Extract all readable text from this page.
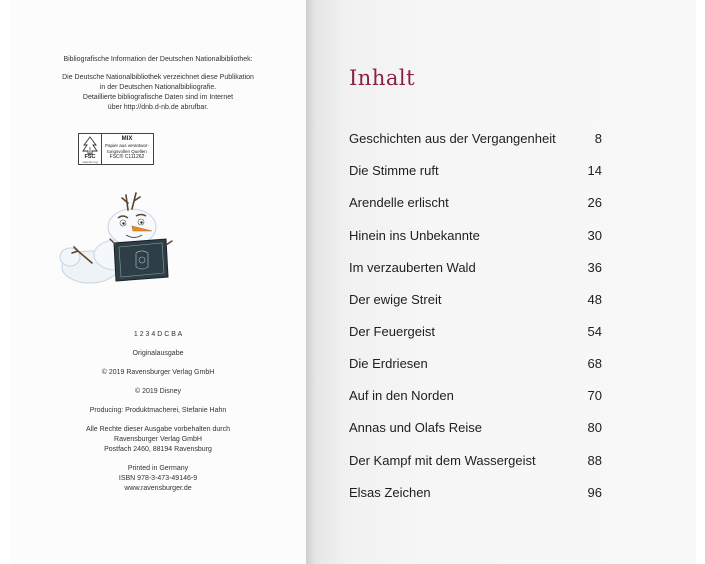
Bibliografische Information der Deutschen Nationalbibliothek:
Die Deutsche Nationalbibliothek verzeichnet diese Publikation
in der Deutschen Nationalbibliografie.
Detaillierte bibliografische Daten sind im Internet
über http://dnb.d-nb.de abrufbar.
FSC
www.fsc.org
MIX
Papier aus verantwor-
tungsvollen Quellen
FSC® C111262
1 2 3 4 D C B A
Originalausgabe
© 2019 Ravensburger Verlag GmbH
© 2019 Disney
Producing: Produktmacherei, Stefanie Hahn
Alle Rechte dieser Ausgabe vorbehalten durch
Ravensburger Verlag GmbH
Postfach 2460, 88194 Ravensburg
Printed in Germany
ISBN 978-3-473-49146-9
www.ravensburger.de
Inhalt
Geschichten aus der Vergangenheit	8
Die Stimme ruft	14
Arendelle erlischt	26
Hinein ins Unbekannte	30
Im verzauberten Wald	36
Der ewige Streit	48
Der Feuergeist	54
Die Erdriesen	68
Auf in den Norden	70
Annas und Olafs Reise	80
Der Kampf mit dem Wassergeist	88
Elsas Zeichen	96
